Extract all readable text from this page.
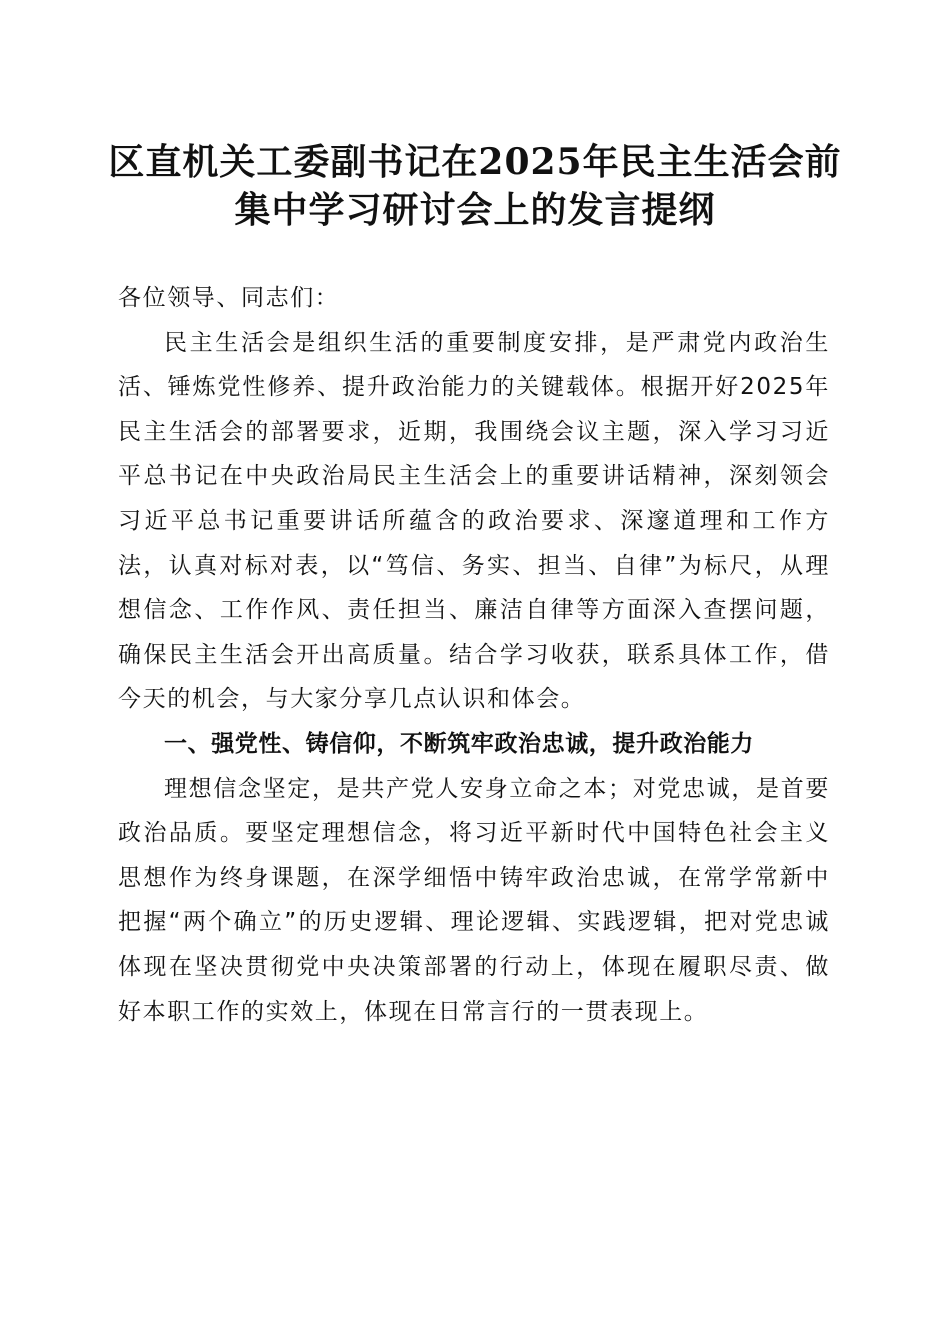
区直机关工委副书记在2025年民主生活会前
集中学习研讨会上的发言提纲

各位领导、同志们：

民主生活会是组织生活的重要制度安排，是严肃党内政治生活、锤炼党性修养、提升政治能力的关键载体。根据开好2025年民主生活会的部署要求，近期，我围绕会议主题，深入学习习近平总书记在中央政治局民主生活会上的重要讲话精神，深刻领会习近平总书记重要讲话所蕴含的政治要求、深邃道理和工作方法，认真对标对表，以“笃信、务实、担当、自律”为标尺，从理想信念、工作作风、责任担当、廉洁自律等方面深入查摆问题，确保民主生活会开出高质量。结合学习收获，联系具体工作，借今天的机会，与大家分享几点认识和体会。

一、强党性、铸信仰，不断筑牢政治忠诚，提升政治能力

理想信念坚定，是共产党人安身立命之本；对党忠诚，是首要政治品质。要坚定理想信念，将习近平新时代中国特色社会主义思想作为终身课题，在深学细悟中铸牢政治忠诚，在常学常新中把握“两个确立”的历史逻辑、理论逻辑、实践逻辑，把对党忠诚体现在坚决贯彻党中央决策部署的行动上，体现在履职尽责、做好本职工作的实效上，体现在日常言行的一贯表现上。
